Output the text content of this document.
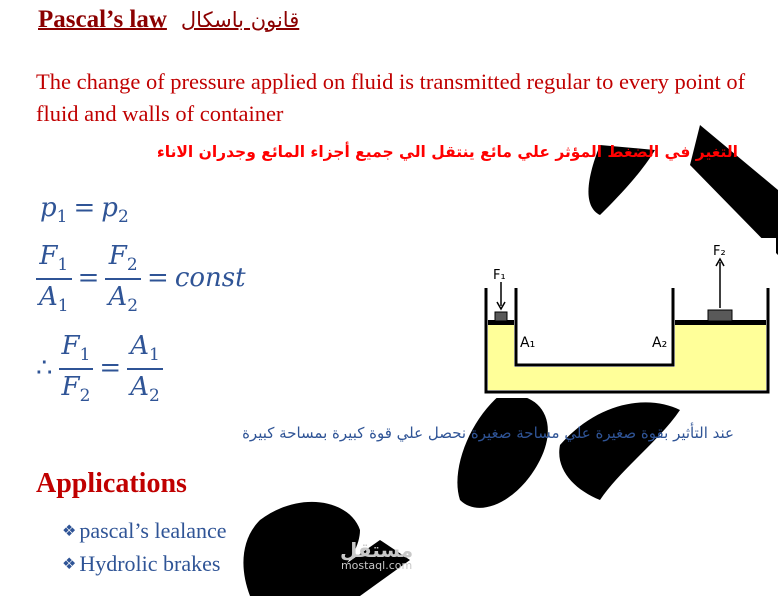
Pascal’s law قانون باسكال
The change of pressure applied on fluid is transmitted regular to every point of fluid and walls of container
التغير في الضغط المؤثر علي مائع ينتقل الي جميع أجزاء المائع وجدران الاناء
$p_1 = p_2$
$\frac{F_1}{A_1} = \frac{F_2}{A_2}$ = const
∴ $\frac{F_1}{F_2} = \frac{A_1}{A_2}$
F₁
F₂
A₁	A₂
عند التأثير بقوة صغيرة علي مساحة صغيرة نحصل علي قوة كبيرة بمساحة كبيرة
Applications
❖ pascal’s lealance
❖ Hydrolic brakes
مستقل
mostaql.com
